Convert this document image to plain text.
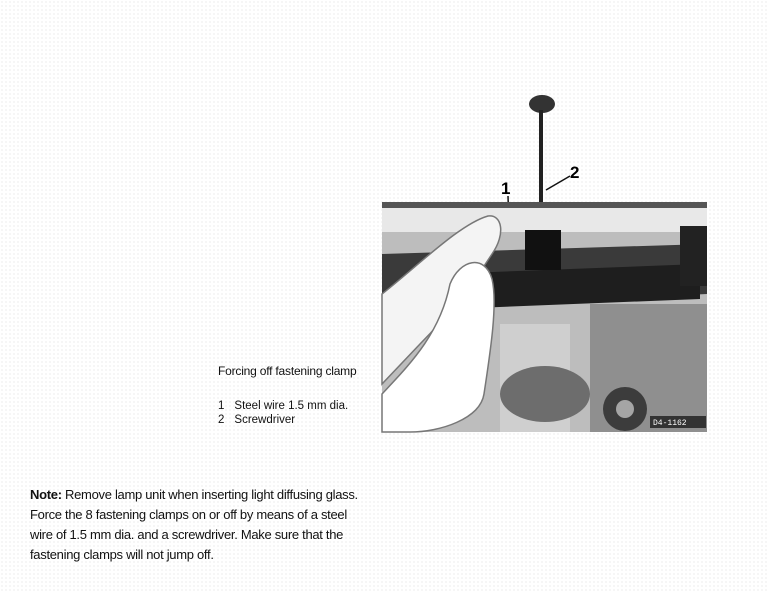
1
2
D4-1162
Forcing off fastening clamp
1 Steel wire 1.5 mm dia.
2 Screwdriver
Note: Remove lamp unit when inserting light diffusing glass. Force the 8 fastening clamps on or off by means of a steel wire of 1.5 mm dia. and a screwdriver. Make sure that the fastening clamps will not jump off.
